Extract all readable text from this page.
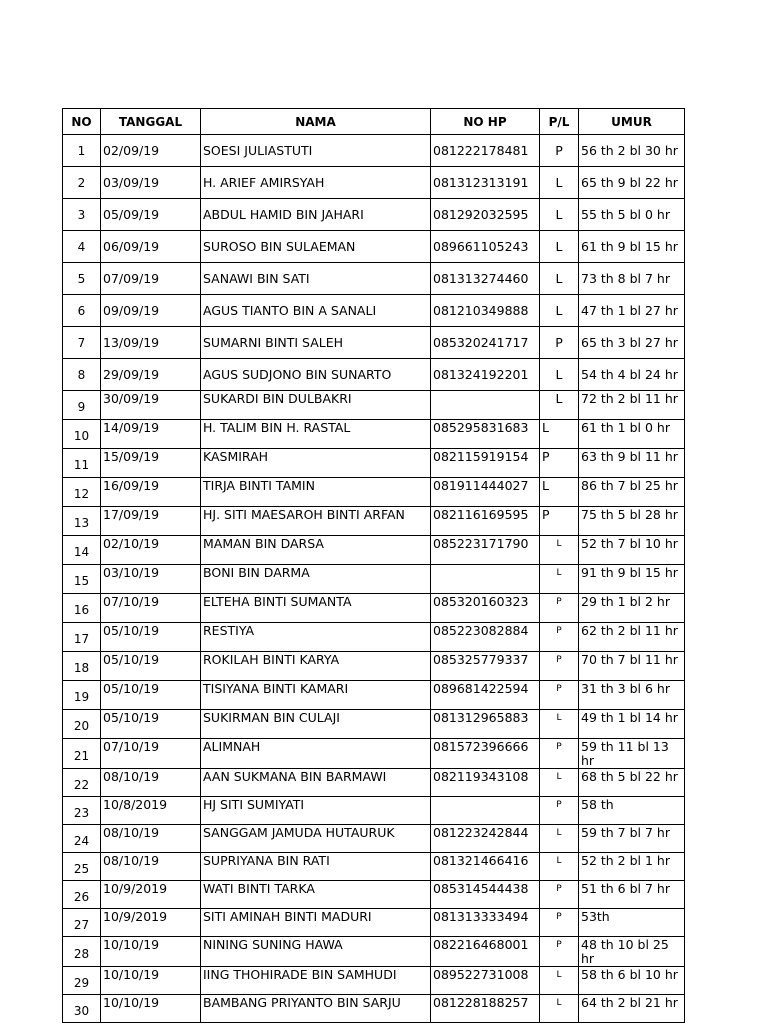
NO	TANGGAL	NAMA	NO HP	P/L	UMUR
1	02/09/19	SOESI JULIASTUTI	081222178481	P	56 th 2 bl 30 hr
2	03/09/19	H. ARIEF AMIRSYAH	081312313191	L	65 th 9 bl 22 hr
3	05/09/19	ABDUL HAMID BIN JAHARI	081292032595	L	55 th 5 bl 0 hr
4	06/09/19	SUROSO BIN SULAEMAN	089661105243	L	61 th 9 bl 15 hr
5	07/09/19	SANAWI BIN SATI	081313274460	L	73 th 8 bl 7 hr
6	09/09/19	AGUS TIANTO BIN A SANALI	081210349888	L	47 th 1 bl 27 hr
7	13/09/19	SUMARNI BINTI SALEH	085320241717	P	65 th 3 bl 27 hr
8	29/09/19	AGUS SUDJONO BIN SUNARTO	081324192201	L	54 th 4 bl 24 hr
9	30/09/19	SUKARDI BIN DULBAKRI		L	72 th 2 bl 11 hr
10	14/09/19	H. TALIM BIN H. RASTAL	085295831683	L	61 th 1 bl 0 hr
11	15/09/19	KASMIRAH	082115919154	P	63 th 9 bl 11 hr
12	16/09/19	TIRJA BINTI TAMIN	081911444027	L	86 th 7 bl 25 hr
13	17/09/19	HJ. SITI MAESAROH BINTI ARFAN	082116169595	P	75 th 5 bl 28 hr
14	02/10/19	MAMAN BIN DARSA	085223171790	L	52 th 7 bl 10 hr
15	03/10/19	BONI BIN DARMA		L	91 th 9 bl 15 hr
16	07/10/19	ELTEHA BINTI SUMANTA	085320160323	P	29 th 1 bl 2 hr
17	05/10/19	RESTIYA	085223082884	P	62 th 2 bl 11 hr
18	05/10/19	ROKILAH BINTI KARYA	085325779337	P	70 th 7 bl 11 hr
19	05/10/19	TISIYANA BINTI KAMARI	089681422594	P	31 th 3 bl 6 hr
20	05/10/19	SUKIRMAN BIN CULAJI	081312965883	L	49 th 1 bl 14 hr
21	07/10/19	ALIMNAH	081572396666	P	59 th 11 bl 13 hr
22	08/10/19	AAN SUKMANA BIN BARMAWI	082119343108	L	68 th 5 bl 22 hr
23	10/8/2019	HJ SITI SUMIYATI		P	58 th
24	08/10/19	SANGGAM JAMUDA HUTAURUK	081223242844	L	59 th 7 bl 7 hr
25	08/10/19	SUPRIYANA BIN RATI	081321466416	L	52 th 2 bl 1 hr
26	10/9/2019	WATI BINTI TARKA	085314544438	P	51 th 6 bl 7 hr
27	10/9/2019	SITI AMINAH BINTI MADURI	081313333494	P	53th
28	10/10/19	NINING SUNING HAWA	082216468001	P	48 th 10 bl 25 hr
29	10/10/19	IING THOHIRADE BIN SAMHUDI	089522731008	L	58 th 6 bl 10 hr
30	10/10/19	BAMBANG PRIYANTO BIN SARJU	081228188257	L	64 th 2 bl 21 hr
